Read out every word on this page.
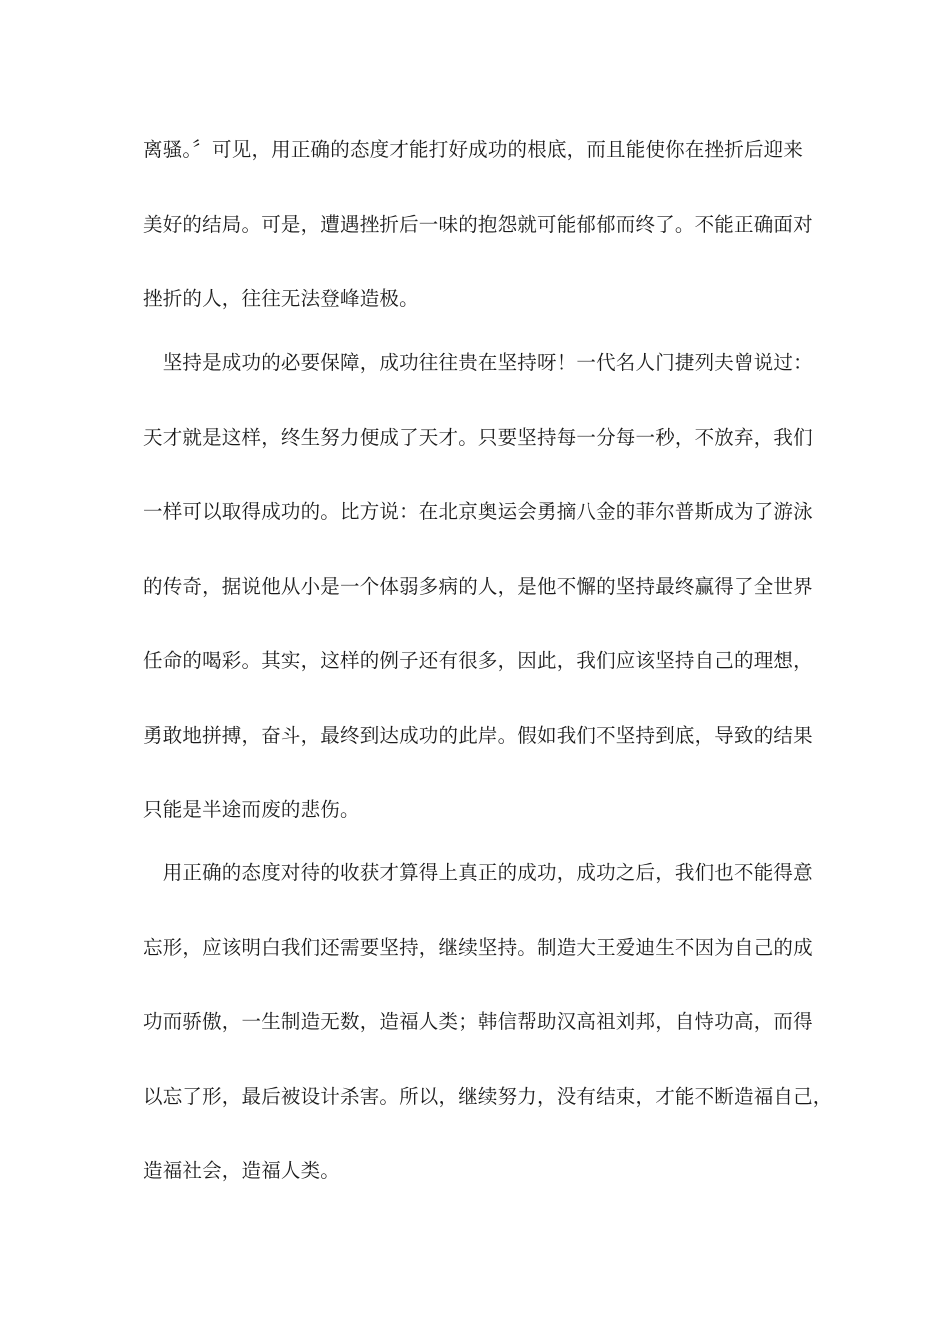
离骚。〞可见，用正确的态度才能打好成功的根底，而且能使你在挫折后迎来
美好的结局。可是，遭遇挫折后一味的抱怨就可能郁郁而终了。不能正确面对
挫折的人，往往无法登峰造极。
　坚持是成功的必要保障，成功往往贵在坚持呀！一代名人门捷列夫曾说过：
天才就是这样，终生努力便成了天才。只要坚持每一分每一秒，不放弃，我们
一样可以取得成功的。比方说：在北京奥运会勇摘八金的菲尔普斯成为了游泳
的传奇，据说他从小是一个体弱多病的人，是他不懈的坚持最终赢得了全世界
任命的喝彩。其实，这样的例子还有很多，因此，我们应该坚持自己的理想，
勇敢地拼搏，奋斗，最终到达成功的此岸。假如我们不坚持到底，导致的结果
只能是半途而废的悲伤。
　用正确的态度对待的收获才算得上真正的成功，成功之后，我们也不能得意
忘形，应该明白我们还需要坚持，继续坚持。制造大王爱迪生不因为自己的成
功而骄傲，一生制造无数，造福人类；韩信帮助汉高祖刘邦，自恃功高，而得
以忘了形，最后被设计杀害。所以，继续努力，没有结束，才能不断造福自己，
造福社会，造福人类。
